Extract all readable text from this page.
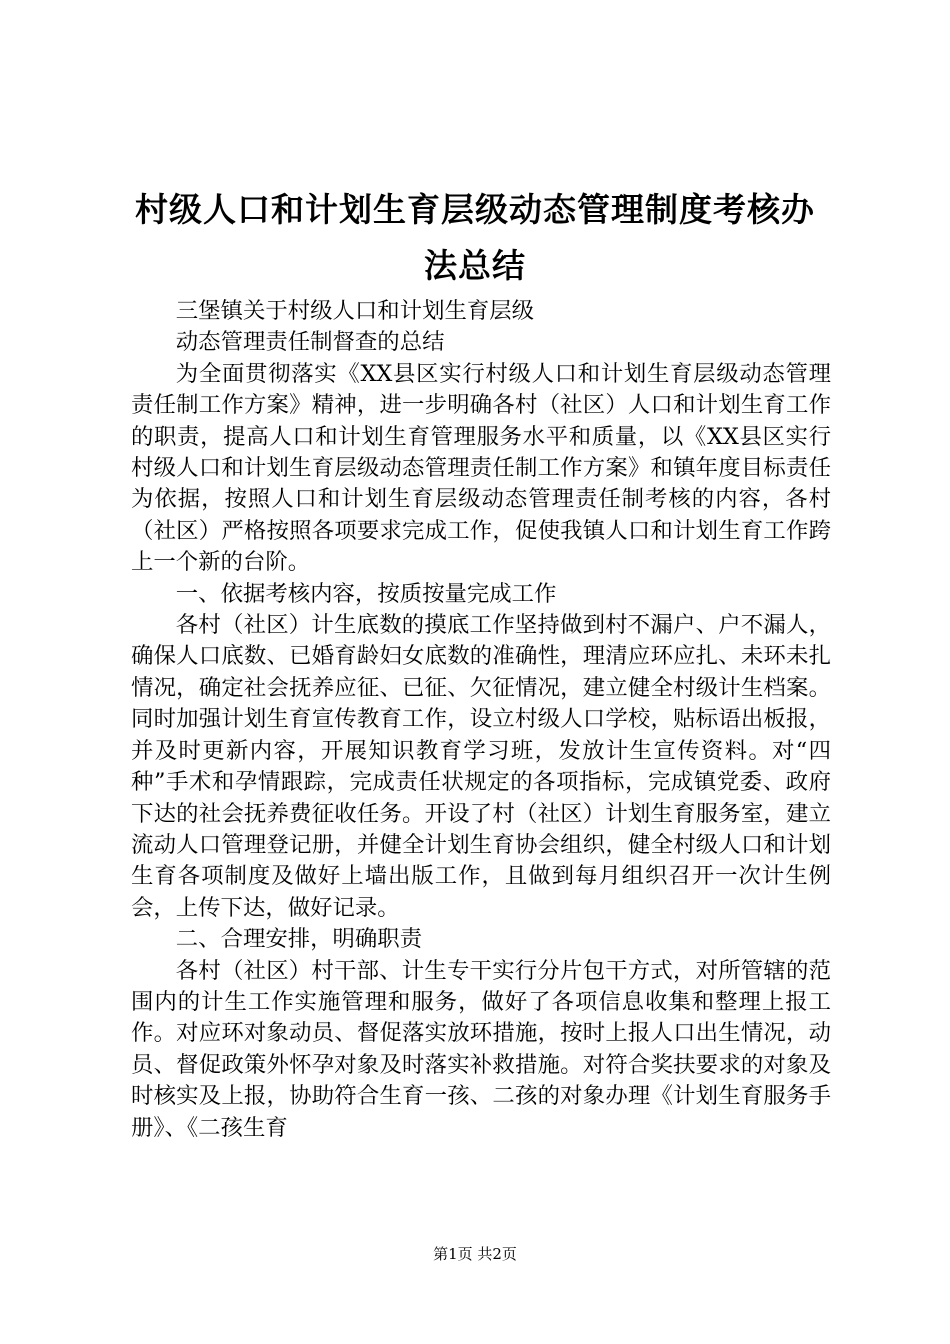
村级人口和计划生育层级动态管理制度考核办
法总结

三堡镇关于村级人口和计划生育层级

动态管理责任制督查的总结

为全面贯彻落实《XX县区实行村级人口和计划生育层级动态管理责任制工作方案》精神，进一步明确各村（社区）人口和计划生育工作的职责，提高人口和计划生育管理服务水平和质量，以《XX县区实行村级人口和计划生育层级动态管理责任制工作方案》和镇年度目标责任为依据，按照人口和计划生育层级动态管理责任制考核的内容，各村（社区）严格按照各项要求完成工作，促使我镇人口和计划生育工作跨上一个新的台阶。

一、依据考核内容，按质按量完成工作

各村（社区）计生底数的摸底工作坚持做到村不漏户、户不漏人，确保人口底数、已婚育龄妇女底数的准确性，理清应环应扎、未环未扎情况，确定社会抚养应征、已征、欠征情况，建立健全村级计生档案。同时加强计划生育宣传教育工作，设立村级人口学校，贴标语出板报，并及时更新内容，开展知识教育学习班，发放计生宣传资料。对“四种”手术和孕情跟踪，完成责任状规定的各项指标，完成镇党委、政府下达的社会抚养费征收任务。开设了村（社区）计划生育服务室，建立流动人口管理登记册，并健全计划生育协会组织，健全村级人口和计划生育各项制度及做好上墙出版工作，且做到每月组织召开一次计生例会，上传下达，做好记录。

二、合理安排，明确职责

各村（社区）村干部、计生专干实行分片包干方式，对所管辖的范围内的计生工作实施管理和服务，做好了各项信息收集和整理上报工作。对应环对象动员、督促落实放环措施，按时上报人口出生情况，动员、督促政策外怀孕对象及时落实补救措施。对符合奖扶要求的对象及时核实及上报，协助符合生育一孩、二孩的对象办理《计划生育服务手册》、《二孩生育

第1页 共2页
